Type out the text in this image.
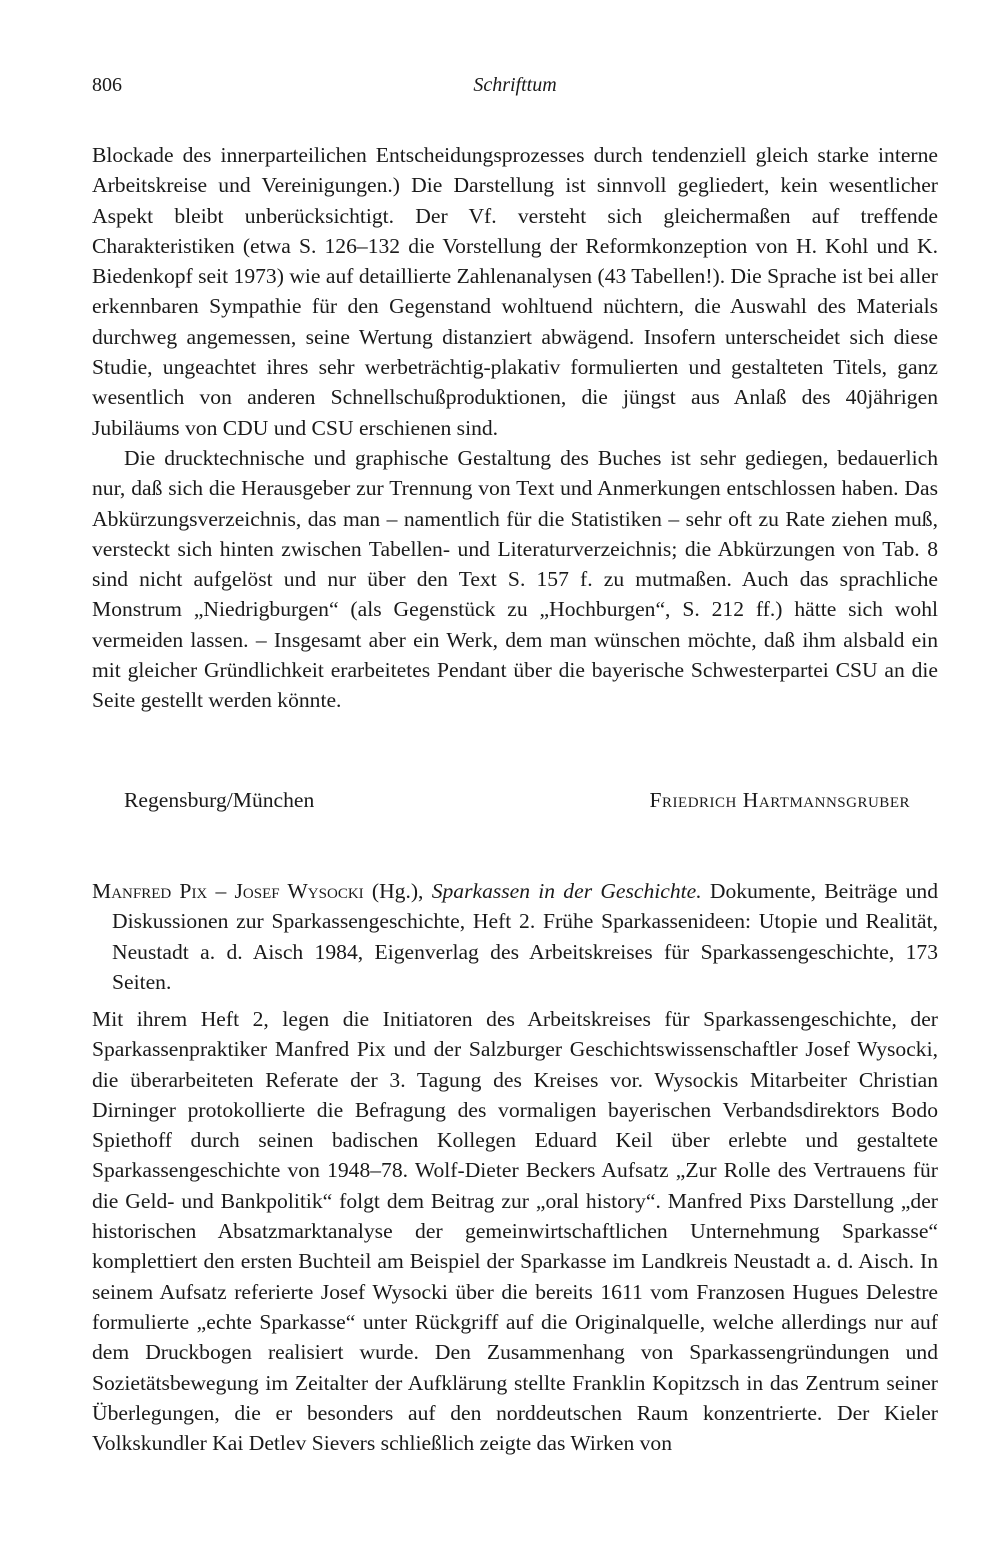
806	Schrifttum

Blockade des innerparteilichen Entscheidungsprozesses durch tendenziell gleich starke interne Arbeitskreise und Vereinigungen.) Die Darstellung ist sinnvoll gegliedert, kein wesentlicher Aspekt bleibt unberücksichtigt. Der Vf. versteht sich gleichermaßen auf treffende Charakteristiken (etwa S. 126–132 die Vorstellung der Reformkonzeption von H. Kohl und K. Biedenkopf seit 1973) wie auf detaillierte Zahlenanalysen (43 Tabellen!). Die Sprache ist bei aller erkennbaren Sympathie für den Gegenstand wohltuend nüchtern, die Auswahl des Materials durchweg angemessen, seine Wertung distanziert abwägend. Insofern unterscheidet sich diese Studie, ungeachtet ihres sehr werbeträchtig-plakativ formulierten und gestalteten Titels, ganz wesentlich von anderen Schnellschußproduktionen, die jüngst aus Anlaß des 40jährigen Jubiläums von CDU und CSU erschienen sind.

Die drucktechnische und graphische Gestaltung des Buches ist sehr gediegen, bedauerlich nur, daß sich die Herausgeber zur Trennung von Text und Anmerkungen entschlossen haben. Das Abkürzungsverzeichnis, das man – namentlich für die Statistiken – sehr oft zu Rate ziehen muß, versteckt sich hinten zwischen Tabellen- und Literaturverzeichnis; die Abkürzungen von Tab. 8 sind nicht aufgelöst und nur über den Text S. 157 f. zu mutmaßen. Auch das sprachliche Monstrum „Niedrigburgen“ (als Gegenstück zu „Hochburgen“, S. 212 ff.) hätte sich wohl vermeiden lassen. – Insgesamt aber ein Werk, dem man wünschen möchte, daß ihm alsbald ein mit gleicher Gründlichkeit erarbeitetes Pendant über die bayerische Schwesterpartei CSU an die Seite gestellt werden könnte.

Regensburg/München	Friedrich Hartmannsgruber
Manfred Pix – Josef Wysocki (Hg.), Sparkassen in der Geschichte. Dokumente, Beiträge und Diskussionen zur Sparkassengeschichte, Heft 2. Frühe Sparkassenideen: Utopie und Realität, Neustadt a. d. Aisch 1984, Eigenverlag des Arbeitskreises für Sparkassengeschichte, 173 Seiten.

Mit ihrem Heft 2, legen die Initiatoren des Arbeitskreises für Sparkassengeschichte, der Sparkassenpraktiker Manfred Pix und der Salzburger Geschichtswissenschaftler Josef Wysocki, die überarbeiteten Referate der 3. Tagung des Kreises vor. Wysockis Mitarbeiter Christian Dirninger protokollierte die Befragung des vormaligen bayerischen Verbandsdirektors Bodo Spiethoff durch seinen badischen Kollegen Eduard Keil über erlebte und gestaltete Sparkassengeschichte von 1948–78. Wolf-Dieter Beckers Aufsatz „Zur Rolle des Vertrauens für die Geld- und Bankpolitik“ folgt dem Beitrag zur „oral history“. Manfred Pixs Darstellung „der historischen Absatzmarktanalyse der gemeinwirtschaftlichen Unternehmung Sparkasse“ komplettiert den ersten Buchteil am Beispiel der Sparkasse im Landkreis Neustadt a. d. Aisch. In seinem Aufsatz referierte Josef Wysocki über die bereits 1611 vom Franzosen Hugues Delestre formulierte „echte Sparkasse“ unter Rückgriff auf die Originalquelle, welche allerdings nur auf dem Druckbogen realisiert wurde. Den Zusammenhang von Sparkassengründungen und Sozietätsbewegung im Zeitalter der Aufklärung stellte Franklin Kopitzsch in das Zentrum seiner Überlegungen, die er besonders auf den norddeutschen Raum konzentrierte. Der Kieler Volkskundler Kai Detlev Sievers schließlich zeigte das Wirken von
